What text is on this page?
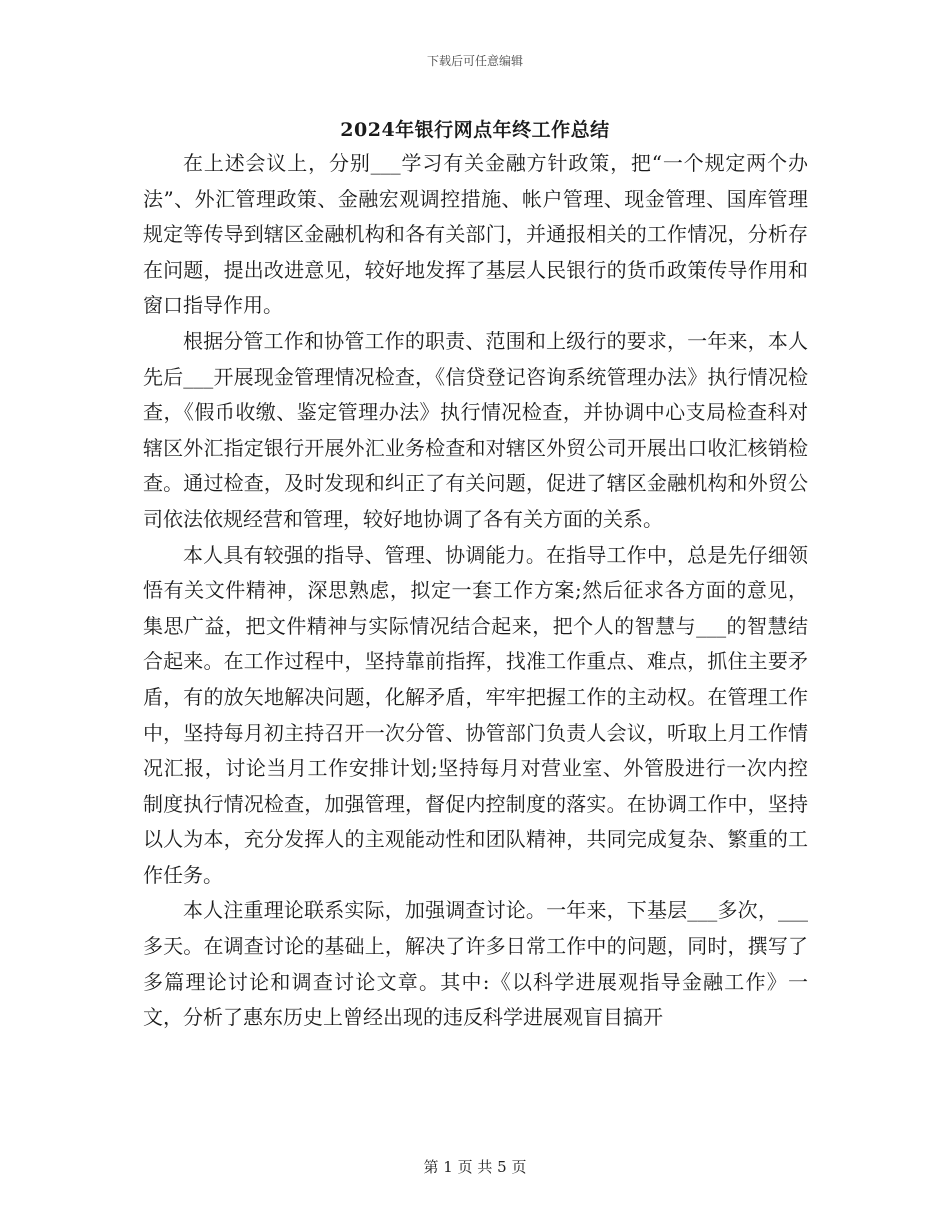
下载后可任意编辑
2024年银行网点年终工作总结

在上述会议上，分别___学习有关金融方针政策，把“一个规定两个办法”、外汇管理政策、金融宏观调控措施、帐户管理、现金管理、国库管理规定等传导到辖区金融机构和各有关部门，并通报相关的工作情况，分析存在问题，提出改进意见，较好地发挥了基层人民银行的货币政策传导作用和窗口指导作用。

根据分管工作和协管工作的职责、范围和上级行的要求，一年来，本人先后___开展现金管理情况检查，《信贷登记咨询系统管理办法》执行情况检查，《假币收缴、鉴定管理办法》执行情况检查，并协调中心支局检查科对辖区外汇指定银行开展外汇业务检查和对辖区外贸公司开展出口收汇核销检查。通过检查，及时发现和纠正了有关问题，促进了辖区金融机构和外贸公司依法依规经营和管理，较好地协调了各有关方面的关系。

本人具有较强的指导、管理、协调能力。在指导工作中，总是先仔细领悟有关文件精神，深思熟虑，拟定一套工作方案;然后征求各方面的意见，集思广益，把文件精神与实际情况结合起来，把个人的智慧与___的智慧结合起来。在工作过程中，坚持靠前指挥，找准工作重点、难点，抓住主要矛盾，有的放矢地解决问题，化解矛盾，牢牢把握工作的主动权。在管理工作中，坚持每月初主持召开一次分管、协管部门负责人会议，听取上月工作情况汇报，讨论当月工作安排计划;坚持每月对营业室、外管股进行一次内控制度执行情况检查，加强管理，督促内控制度的落实。在协调工作中，坚持以人为本，充分发挥人的主观能动性和团队精神，共同完成复杂、繁重的工作任务。

本人注重理论联系实际，加强调查讨论。一年来，下基层___多次，___多天。在调查讨论的基础上，解决了许多日常工作中的问题，同时，撰写了多篇理论讨论和调查讨论文章。其中:《以科学进展观指导金融工作》一文，分析了惠东历史上曾经出现的违反科学进展观盲目搞开

第 1 页 共 5 页
